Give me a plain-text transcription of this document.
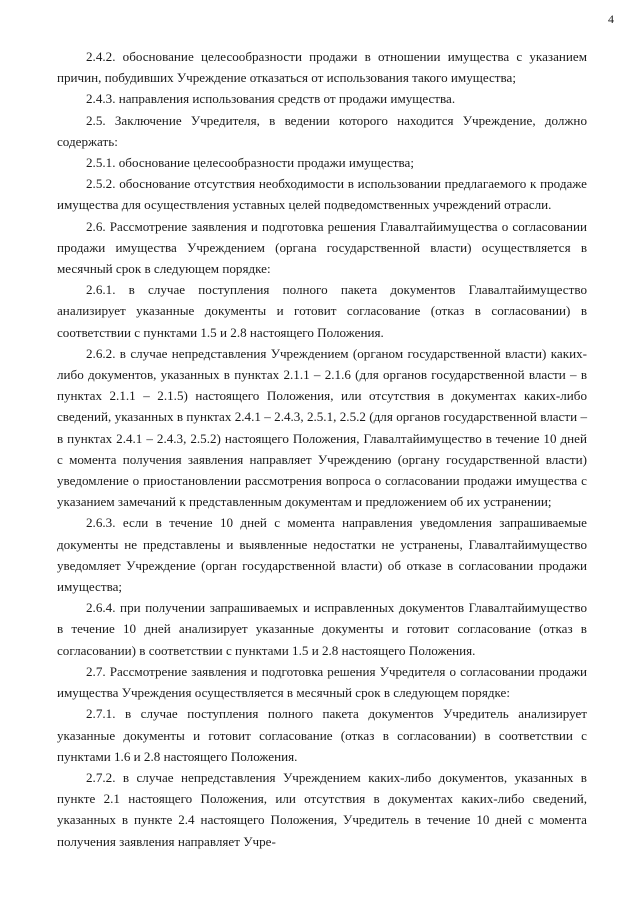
4

2.4.2. обоснование целесообразности продажи в отношении имущества с указанием причин, побудивших Учреждение отказаться от использования такого имущества;

2.4.3. направления использования средств от продажи имущества.

2.5. Заключение Учредителя, в ведении которого находится Учреждение, должно содержать:

2.5.1. обоснование целесообразности продажи имущества;

2.5.2. обоснование отсутствия необходимости в использовании предлагаемого к продаже имущества для осуществления уставных целей подведомственных учреждений отрасли.

2.6. Рассмотрение заявления и подготовка решения Главалтайимущества о согласовании продажи имущества Учреждением (органа государственной власти) осуществляется в месячный срок в следующем порядке:

2.6.1. в случае поступления полного пакета документов Главалтайимущество анализирует указанные документы и готовит согласование (отказ в согласовании) в соответствии с пунктами 1.5 и 2.8 настоящего Положения.

2.6.2. в случае непредставления Учреждением (органом государственной власти) каких-либо документов, указанных в пунктах 2.1.1 – 2.1.6 (для органов государственной власти – в пунктах 2.1.1 – 2.1.5) настоящего Положения, или отсутствия в документах каких-либо сведений, указанных в пунктах 2.4.1 – 2.4.3, 2.5.1, 2.5.2 (для органов государственной власти – в пунктах 2.4.1 – 2.4.3, 2.5.2) настоящего Положения, Главалтайимущество в течение 10 дней с момента получения заявления направляет Учреждению (органу государственной власти) уведомление о приостановлении рассмотрения вопроса о согласовании продажи имущества с указанием замечаний к представленным документам и предложением об их устранении;

2.6.3. если в течение 10 дней с момента направления уведомления запрашиваемые документы не представлены и выявленные недостатки не устранены, Главалтайимущество уведомляет Учреждение (орган государственной власти) об отказе в согласовании продажи имущества;

2.6.4. при получении запрашиваемых и исправленных документов Главалтайимущество в течение 10 дней анализирует указанные документы и готовит согласование (отказ в согласовании) в соответствии с пунктами 1.5 и 2.8 настоящего Положения.

2.7. Рассмотрение заявления и подготовка решения Учредителя о согласовании продажи имущества Учреждения осуществляется в месячный срок в следующем порядке:

2.7.1. в случае поступления полного пакета документов Учредитель анализирует указанные документы и готовит согласование (отказ в согласовании) в соответствии с пунктами 1.6 и 2.8 настоящего Положения.

2.7.2. в случае непредставления Учреждением каких-либо документов, указанных в пункте 2.1 настоящего Положения, или отсутствия в документах каких-либо сведений, указанных в пункте 2.4 настоящего Положения, Учредитель в течение 10 дней с момента получения заявления направляет Учре-
